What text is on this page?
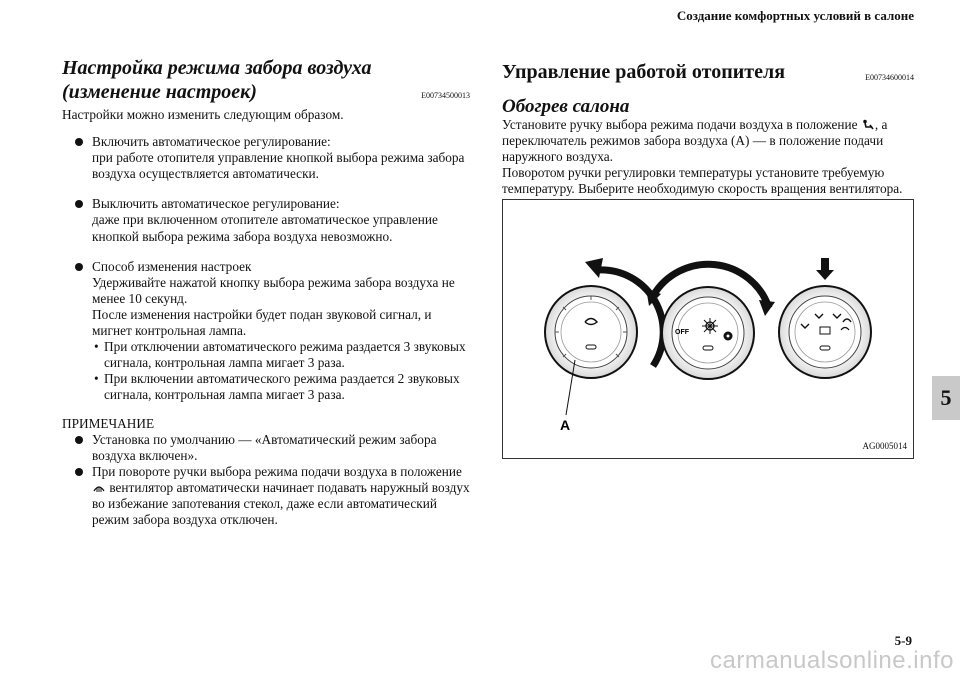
Создание комфортных условий в салоне
5
Настройка режима забора воздуха (изменение настроек)	E00734500013

Настройки можно изменить следующим образом.

Включить автоматическое регулирование:

при работе отопителя управление кнопкой выбора режима забора воздуха осуществляется автоматически.

Выключить автоматическое регулирование:

даже при включенном отопителе автоматическое управление кнопкой выбора режима забора воздуха невозможно.

Способ изменения настроек

Удерживайте нажатой кнопку выбора режима забора воздуха не менее 10 секунд.

После изменения настройки будет подан звуковой сигнал, и мигнет контрольная лампа.

• При отключении автоматического режима раздается 3 звуковых сигнала, контрольная лампа мигает 3 раза.

• При включении автоматического режима раздается 2 звуковых сигнала, контрольная лампа мигает 3 раза.

ПРИМЕЧАНИЕ

Установка по умолчанию — «Автоматический режим забора воздуха включен».

При повороте ручки выбора режима подачи воздуха в положение  вентилятор автоматически начинает подавать наружный воздух во избежание запотевания стекол, даже если автоматический режим забора воздуха отключен.

Управление работой отопителя	E00734600014
Обогрев салона

Установите ручку выбора режима подачи воздуха в положение , а переключатель режимов забора воздуха (A) — в положение подачи наружного воздуха.

Поворотом ручки регулировки температуры установите требуемую температуру. Выберите необходимую скорость вращения вентилятора.

OFF
A
AG0005014
5-9
carmanualsonline.info
